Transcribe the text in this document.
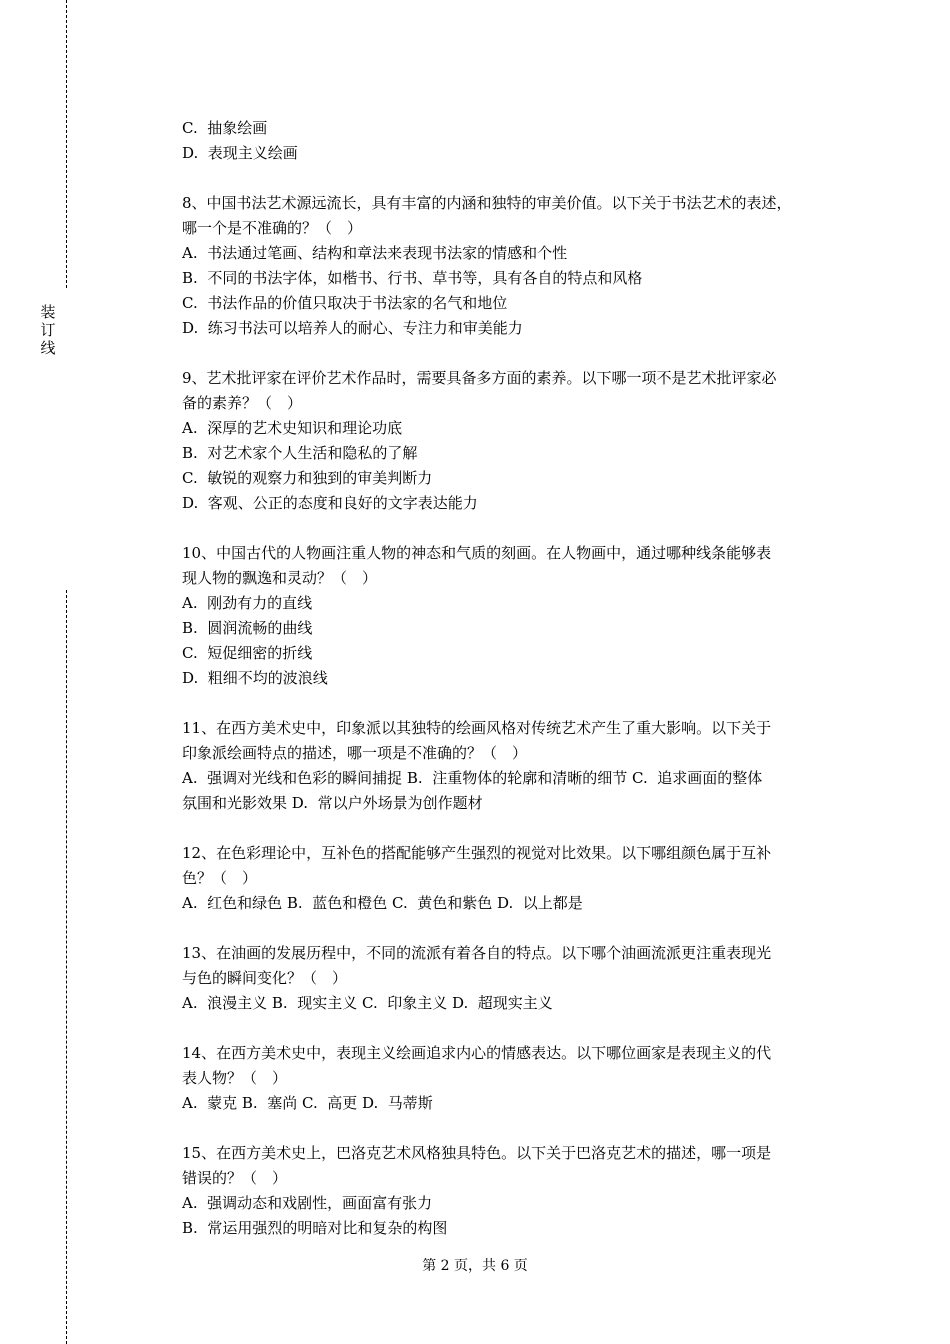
装
订
线
C.  抽象绘画
D.  表现主义绘画
8、中国书法艺术源远流长，具有丰富的内涵和独特的审美价值。以下关于书法艺术的表述，
哪一个是不准确的？（　）
A.  书法通过笔画、结构和章法来表现书法家的情感和个性
B.  不同的书法字体，如楷书、行书、草书等，具有各自的特点和风格
C.  书法作品的价值只取决于书法家的名气和地位
D.  练习书法可以培养人的耐心、专注力和审美能力
9、艺术批评家在评价艺术作品时，需要具备多方面的素养。以下哪一项不是艺术批评家必
备的素养？（　）
A.  深厚的艺术史知识和理论功底
B.  对艺术家个人生活和隐私的了解
C.  敏锐的观察力和独到的审美判断力
D.  客观、公正的态度和良好的文字表达能力
10、中国古代的人物画注重人物的神态和气质的刻画。在人物画中，通过哪种线条能够表
现人物的飘逸和灵动？（　）
A.  刚劲有力的直线
B.  圆润流畅的曲线
C.  短促细密的折线
D.  粗细不均的波浪线
11、在西方美术史中，印象派以其独特的绘画风格对传统艺术产生了重大影响。以下关于
印象派绘画特点的描述，哪一项是不准确的？（　）
A.  强调对光线和色彩的瞬间捕捉 B.  注重物体的轮廓和清晰的细节 C.  追求画面的整体
氛围和光影效果 D.  常以户外场景为创作题材
12、在色彩理论中，互补色的搭配能够产生强烈的视觉对比效果。以下哪组颜色属于互补
色？（　）
A.  红色和绿色 B.  蓝色和橙色 C.  黄色和紫色 D.  以上都是
13、在油画的发展历程中，不同的流派有着各自的特点。以下哪个油画流派更注重表现光
与色的瞬间变化？（　）
A.  浪漫主义 B.  现实主义 C.  印象主义 D.  超现实主义
14、在西方美术史中，表现主义绘画追求内心的情感表达。以下哪位画家是表现主义的代
表人物？（　）
A.  蒙克 B.  塞尚 C.  高更 D.  马蒂斯
15、在西方美术史上，巴洛克艺术风格独具特色。以下关于巴洛克艺术的描述，哪一项是
错误的？（　）
A.  强调动态和戏剧性，画面富有张力
B.  常运用强烈的明暗对比和复杂的构图
第 2 页，共 6 页
